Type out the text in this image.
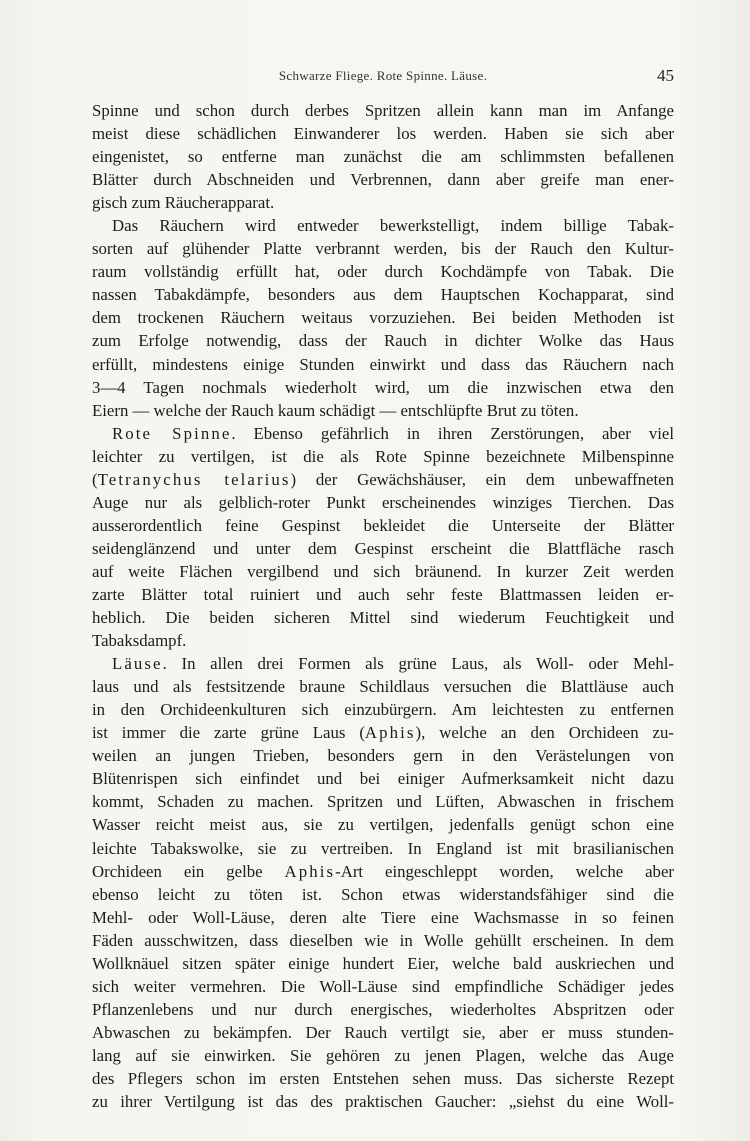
Schwarze Fliege. Rote Spinne. Läuse.	45
Spinne und schon durch derbes Spritzen allein kann man im Anfange
meist diese schädlichen Einwanderer los werden. Haben sie sich aber
eingenistet, so entferne man zunächst die am schlimmsten befallenen
Blätter durch Abschneiden und Verbrennen, dann aber greife man ener-
gisch zum Räucherapparat.
Das Räuchern wird entweder bewerkstelligt, indem billige Tabak-
sorten auf glühender Platte verbrannt werden, bis der Rauch den Kultur-
raum vollständig erfüllt hat, oder durch Kochdämpfe von Tabak. Die
nassen Tabakdämpfe, besonders aus dem Hauptschen Kochapparat, sind
dem trockenen Räuchern weitaus vorzuziehen. Bei beiden Methoden ist
zum Erfolge notwendig, dass der Rauch in dichter Wolke das Haus
erfüllt, mindestens einige Stunden einwirkt und dass das Räuchern nach
3—4 Tagen nochmals wiederholt wird, um die inzwischen etwa den
Eiern — welche der Rauch kaum schädigt — entschlüpfte Brut zu töten.
Rote Spinne. Ebenso gefährlich in ihren Zerstörungen, aber viel
leichter zu vertilgen, ist die als Rote Spinne bezeichnete Milbenspinne
(Tetranychus telarius) der Gewächshäuser, ein dem unbewaffneten
Auge nur als gelblich-roter Punkt erscheinendes winziges Tierchen. Das
ausserordentlich feine Gespinst bekleidet die Unterseite der Blätter
seidenglänzend und unter dem Gespinst erscheint die Blattfläche rasch
auf weite Flächen vergilbend und sich bräunend. In kurzer Zeit werden
zarte Blätter total ruiniert und auch sehr feste Blattmassen leiden er-
heblich. Die beiden sicheren Mittel sind wiederum Feuchtigkeit und
Tabaksdampf.
Läuse. In allen drei Formen als grüne Laus, als Woll- oder Mehl-
laus und als festsitzende braune Schildlaus versuchen die Blattläuse auch
in den Orchideenkulturen sich einzubürgern. Am leichtesten zu entfernen
ist immer die zarte grüne Laus (Aphis), welche an den Orchideen zu-
weilen an jungen Trieben, besonders gern in den Verästelungen von
Blütenrispen sich einfindet und bei einiger Aufmerksamkeit nicht dazu
kommt, Schaden zu machen. Spritzen und Lüften, Abwaschen in frischem
Wasser reicht meist aus, sie zu vertilgen, jedenfalls genügt schon eine
leichte Tabakswolke, sie zu vertreiben. In England ist mit brasilianischen
Orchideen ein gelbe Aphis-Art eingeschleppt worden, welche aber
ebenso leicht zu töten ist. Schon etwas widerstandsfähiger sind die
Mehl- oder Woll-Läuse, deren alte Tiere eine Wachsmasse in so feinen
Fäden ausschwitzen, dass dieselben wie in Wolle gehüllt erscheinen. In dem
Wollknäuel sitzen später einige hundert Eier, welche bald auskriechen und
sich weiter vermehren. Die Woll-Läuse sind empfindliche Schädiger jedes
Pflanzenlebens und nur durch energisches, wiederholtes Abspritzen oder
Abwaschen zu bekämpfen. Der Rauch vertilgt sie, aber er muss stunden-
lang auf sie einwirken. Sie gehören zu jenen Plagen, welche das Auge
des Pflegers schon im ersten Entstehen sehen muss. Das sicherste Rezept
zu ihrer Vertilgung ist das des praktischen Gaucher: „siehst du eine Woll-
